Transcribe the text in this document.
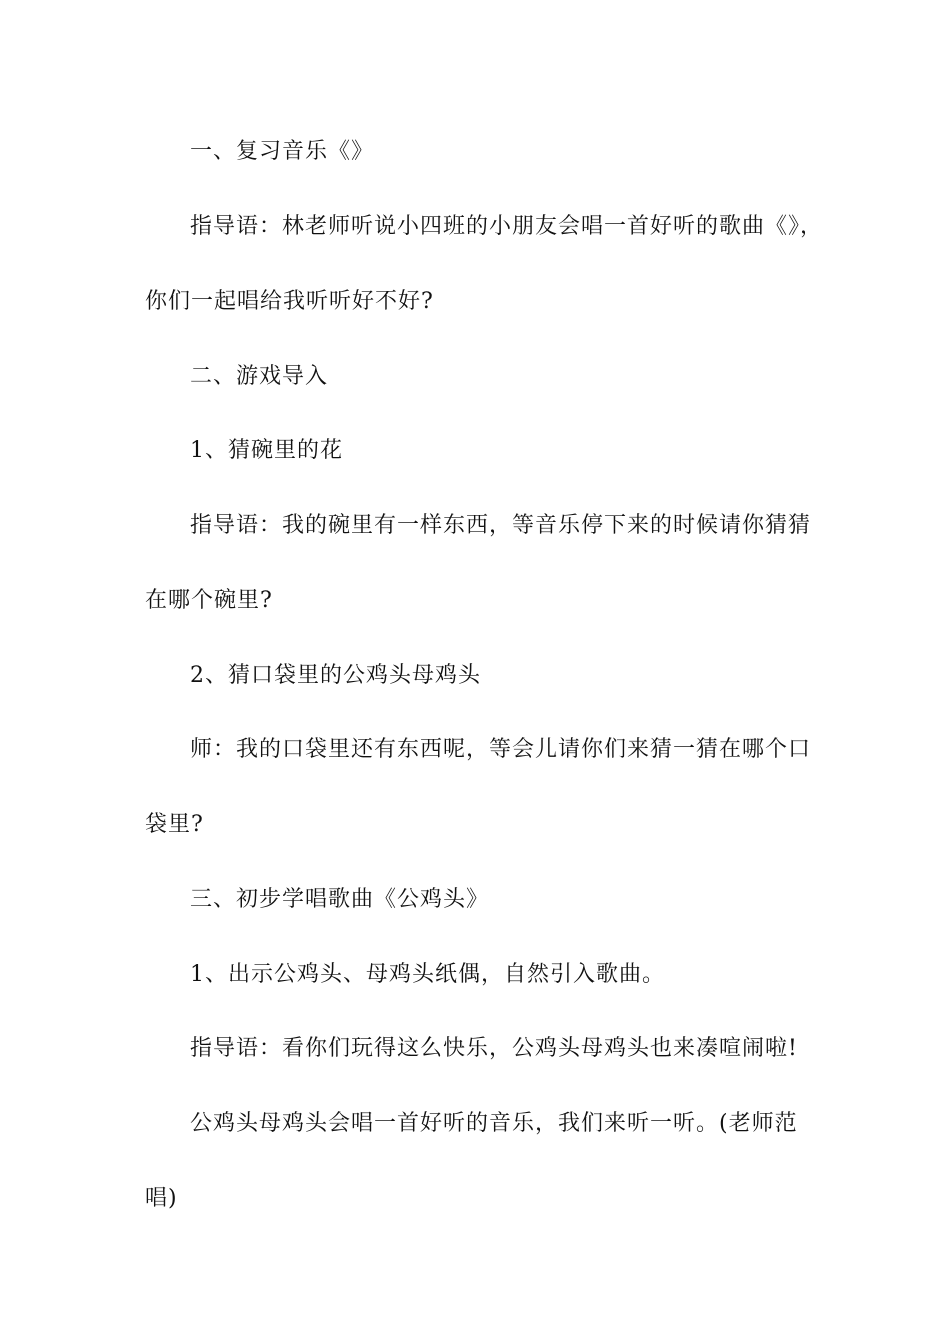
一、复习音乐《》

指导语：林老师听说小四班的小朋友会唱一首好听的歌曲《》，

你们一起唱给我听听好不好?

二、游戏导入

1、猜碗里的花

指导语：我的碗里有一样东西，等音乐停下来的时候请你猜猜

在哪个碗里?

2、猜口袋里的公鸡头母鸡头

师：我的口袋里还有东西呢，等会儿请你们来猜一猜在哪个口

袋里?

三、初步学唱歌曲《公鸡头》

1、出示公鸡头、母鸡头纸偶，自然引入歌曲。

指导语：看你们玩得这么快乐，公鸡头母鸡头也来凑喧闹啦!

公鸡头母鸡头会唱一首好听的音乐，我们来听一听。(老师范

唱)
